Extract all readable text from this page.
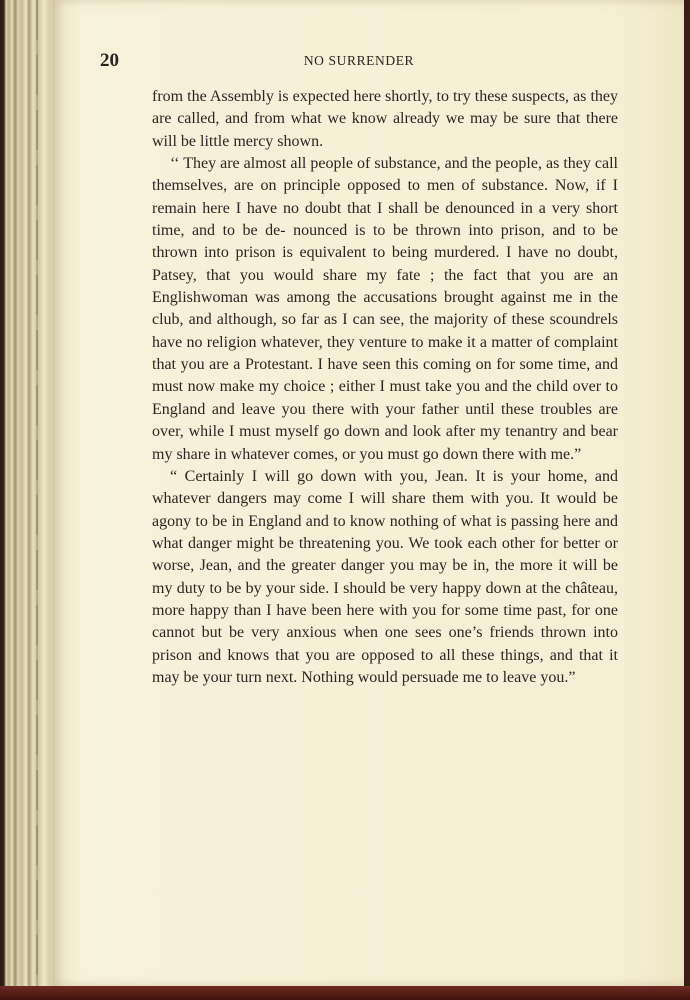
20	NO SURRENDER

from the Assembly is expected here shortly, to try these suspects, as they are called, and from what we know already we may be sure that there will be little mercy shown.

‘‘ They are almost all people of substance, and the people, as they call themselves, are on principle opposed to men of substance. Now, if I remain here I have no doubt that I shall be denounced in a very short time, and to be de- nounced is to be thrown into prison, and to be thrown into prison is equivalent to being murdered. I have no doubt, Patsey, that you would share my fate ; the fact that you are an Englishwoman was among the accusations brought against me in the club, and although, so far as I can see, the majority of these scoundrels have no religion whatever, they venture to make it a matter of complaint that you are a Protestant. I have seen this coming on for some time, and must now make my choice ; either I must take you and the child over to England and leave you there with your father until these troubles are over, while I must myself go down and look after my tenantry and bear my share in whatever comes, or you must go down there with me.”

“ Certainly I will go down with you, Jean. It is your home, and whatever dangers may come I will share them with you. It would be agony to be in England and to know nothing of what is passing here and what danger might be threatening you. We took each other for better or worse, Jean, and the greater danger you may be in, the more it will be my duty to be by your side. I should be very happy down at the château, more happy than I have been here with you for some time past, for one cannot but be very anxious when one sees one’s friends thrown into prison and knows that you are opposed to all these things, and that it may be your turn next. Nothing would persuade me to leave you.”
